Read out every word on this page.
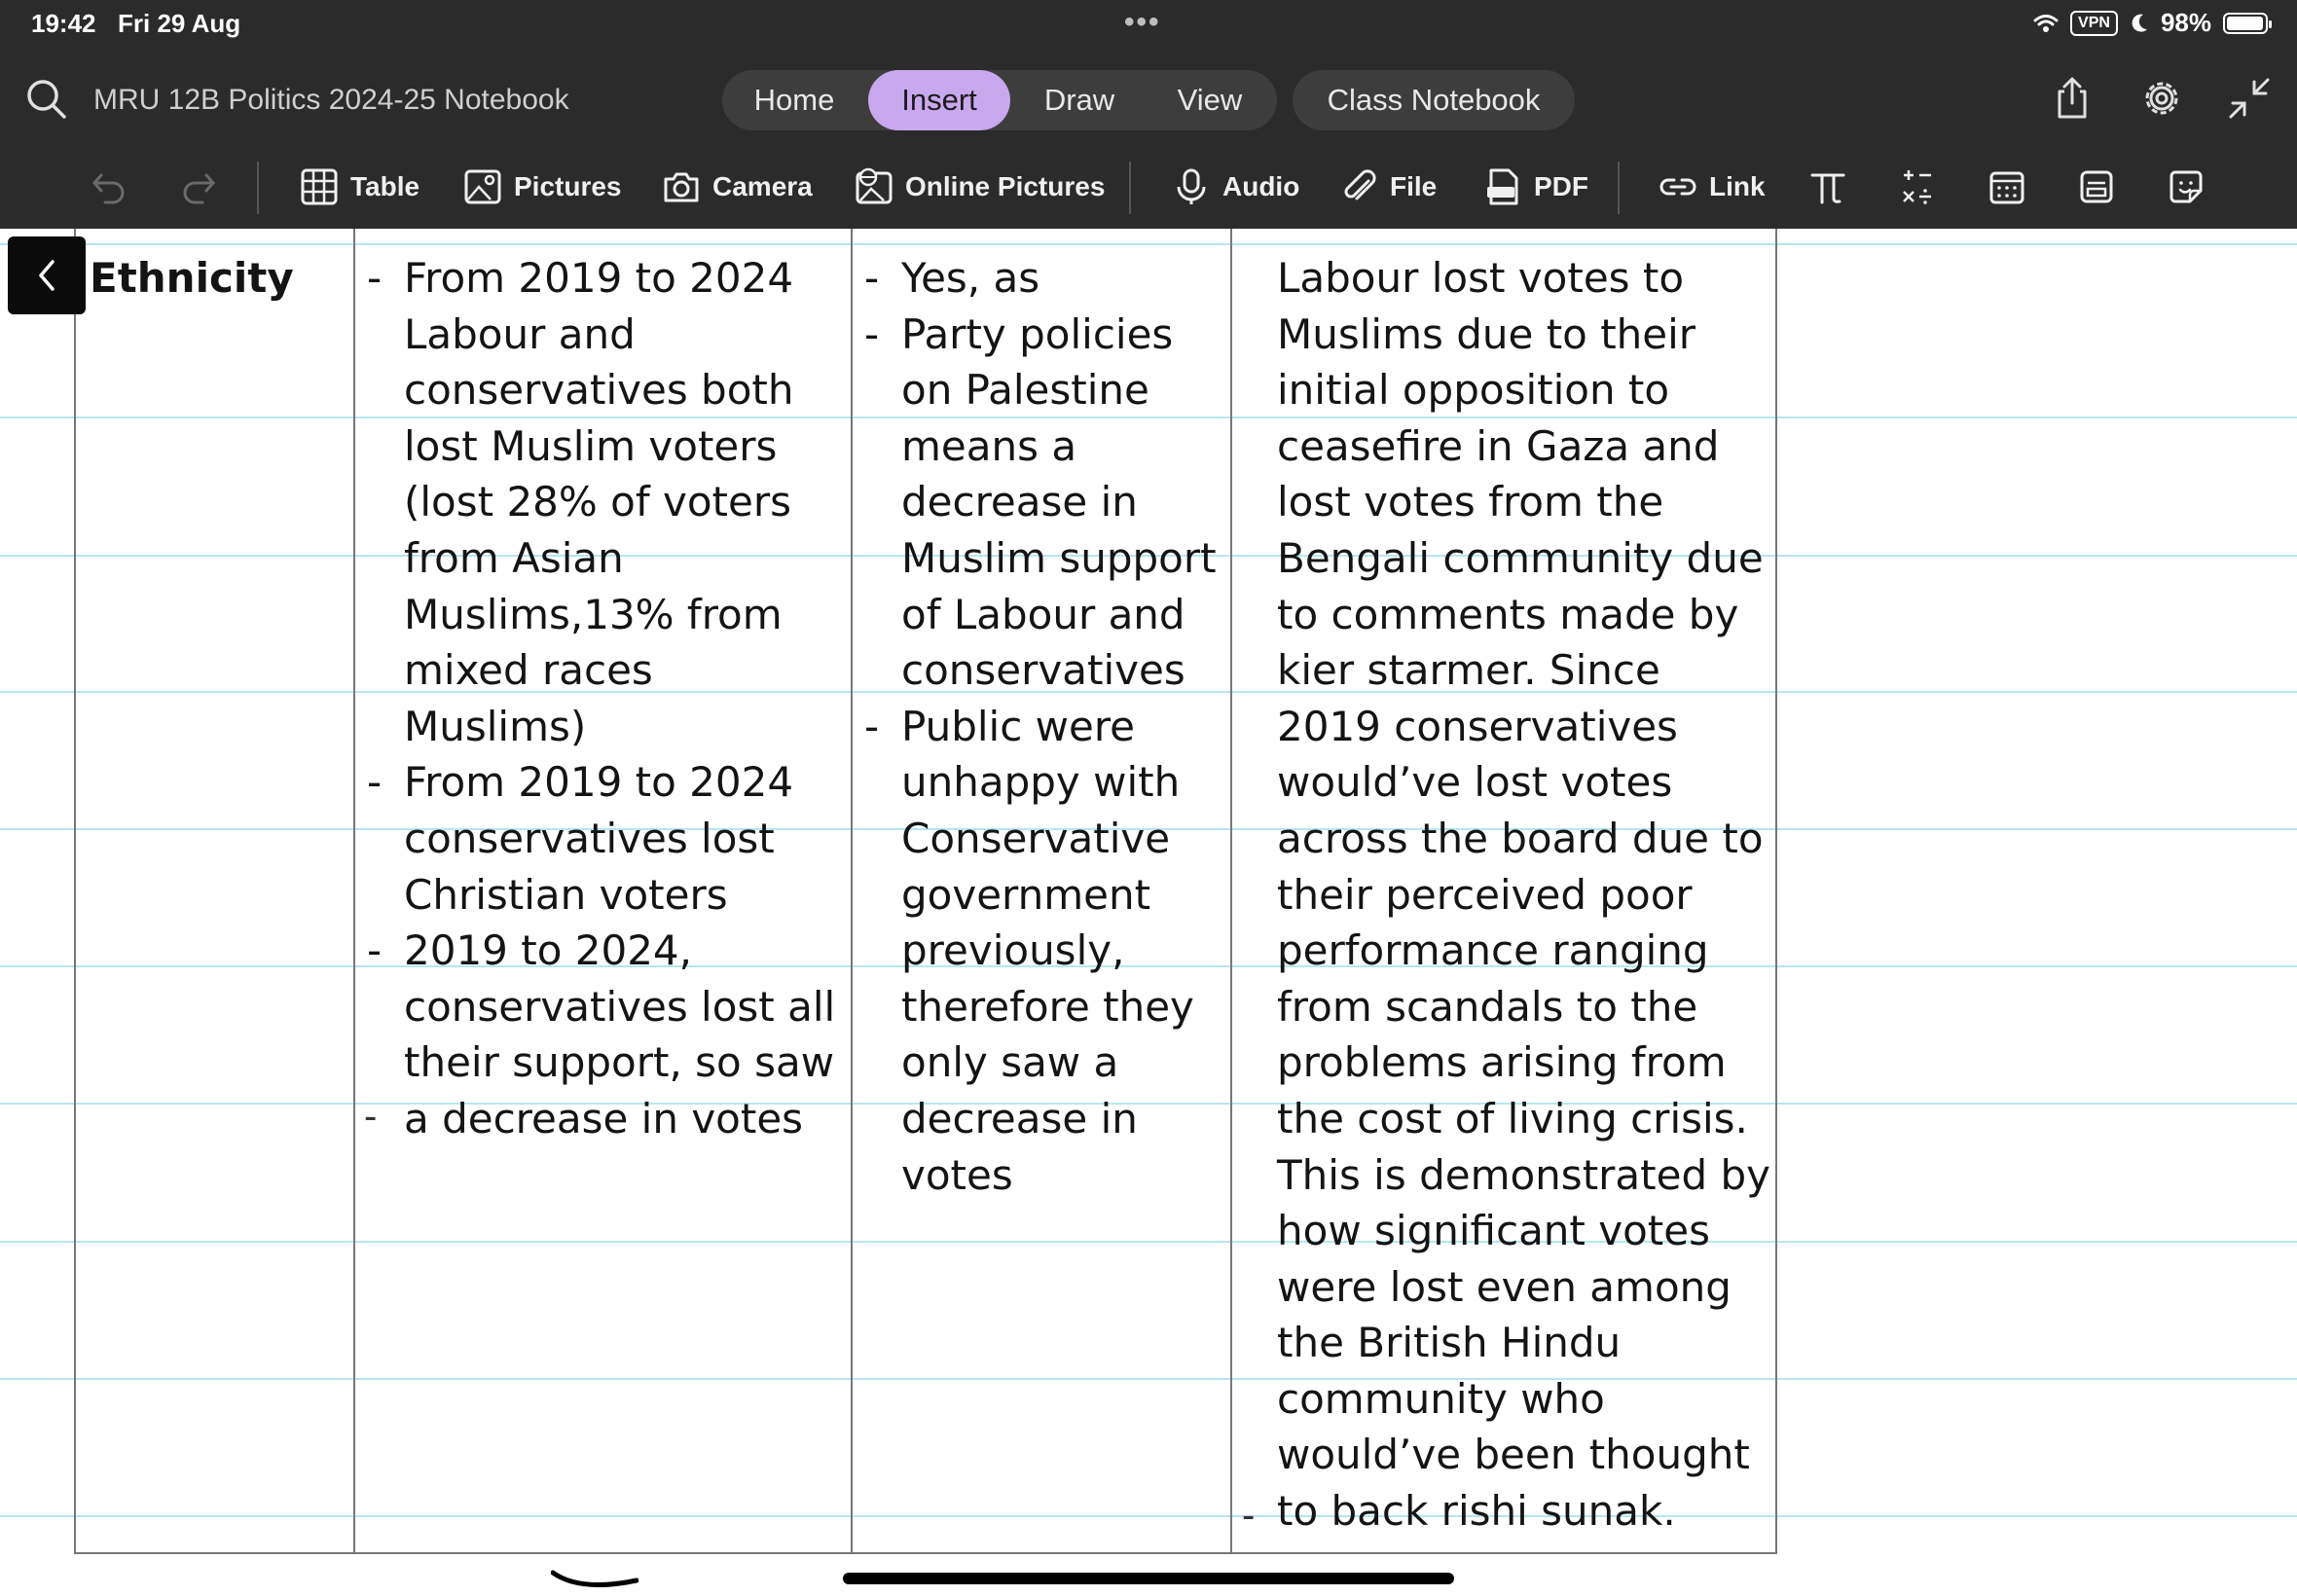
19:42 Fri 29 Aug	•••	VPN	98%
MRU 12B Politics 2024-25 Notebook	Home	Insert	Draw	View	Class Notebook
Table	Pictures	Camera	Online Pictures	Audio	File	PDF	Link
Ethnicity
-	From 2019 to 2024 Labour and conservatives both lost Muslim voters (lost 28% of voters from Asian Muslims,13% from mixed races Muslims)
- From 2019 to 2024 conservatives lost Christian voters
- 2019 to 2024, conservatives lost all their support, so saw a decrease in votes
-
- Yes, as
- Party policies on Palestine means a decrease in Muslim support of Labour and conservatives
- Public were unhappy with Conservative government previously, therefore they only saw a decrease in votes
Labour lost votes to Muslims due to their initial opposition to ceasefire in Gaza and lost votes from the Bengali community due to comments made by kier starmer. Since 2019 conservatives would’ve lost votes across the board due to their perceived poor performance ranging from scandals to the problems arising from the cost of living crisis. This is demonstrated by how significant votes were lost even among the British Hindu community who would’ve been thought to back rishi sunak.
-
